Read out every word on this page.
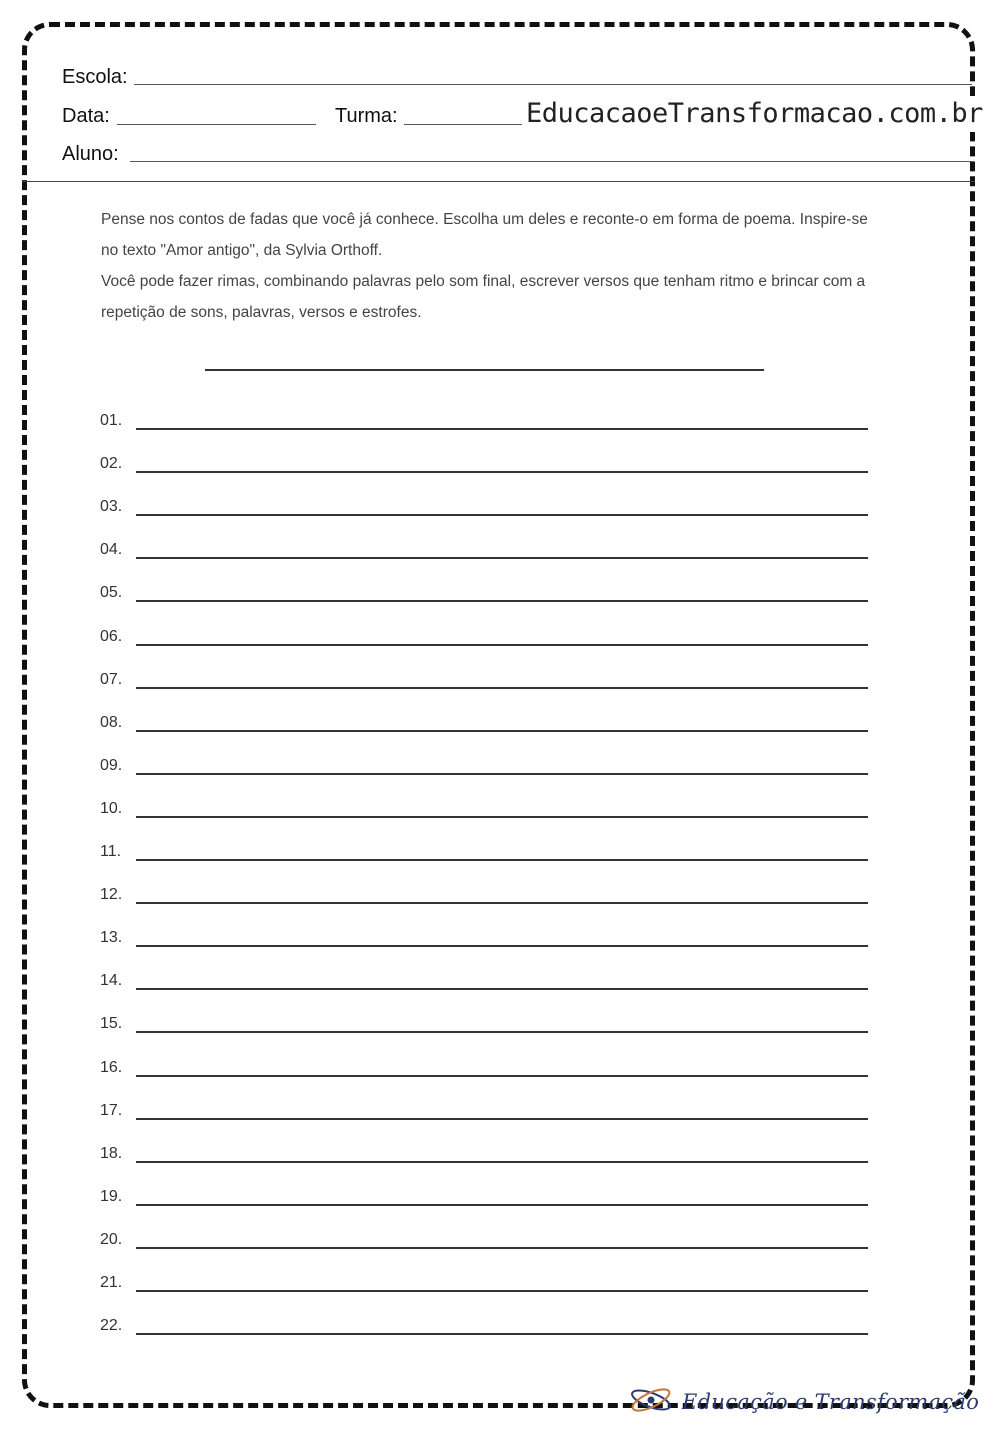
Escola:
Data:	Turma:	EducacaoeTransformacao.com.br
Aluno:

Pense nos contos de fadas que você já conhece. Escolha um deles e reconte-o em forma de poema. Inspire-se no texto "Amor antigo", da Sylvia Orthoff.

Você pode fazer rimas, combinando palavras pelo som final, escrever versos que tenham ritmo e brincar com a repetição de sons, palavras, versos e estrofes.

01.
02.
03.
04.
05.
06.
07.
08.
09.
10.
11.
12.
13.
14.
15.
16.
17.
18.
19.
20.
21.
22.
Educação e Transformação
